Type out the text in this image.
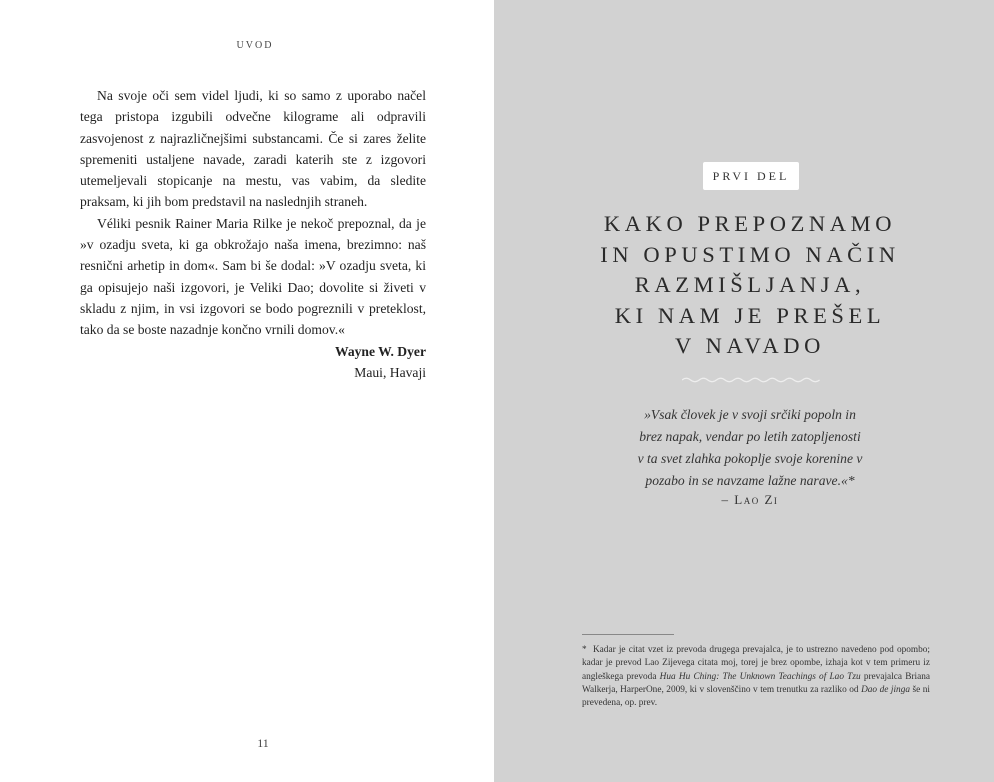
UVOD

Na svoje oči sem videl ljudi, ki so samo z uporabo načel tega pristopa izgubili odvečne kilograme ali odpravili zasvojenost z najrazličnejšimi substancami. Če si zares želite spremeniti ustaljene navade, zaradi katerih ste z izgovori utemeljevali stopicanje na mestu, vas vabim, da sledite praksam, ki jih bom predstavil na naslednjih straneh.

Véliki pesnik Rainer Maria Rilke je nekoč prepoznal, da je »v ozadju sveta, ki ga obkrožajo naša imena, brezimno: naš resnični arhetip in dom«. Sam bi še dodal: »V ozadju sveta, ki ga opisujejo naši izgovori, je Veliki Dao; dovolite si živeti v skladu z njim, in vsi izgovori se bodo pogreznili v preteklost, tako da se boste nazadnje končno vrnili domov.«

Wayne W. Dyer
Maui, Havaji
11
PRVI DEL
KAKO PREPOZNAMO
IN OPUSTIMO NAČIN
RAZMIŠLJANJA,
KI NAM JE PREŠEL
V NAVADO
»Vsak človek je v svoji srčiki popoln in
brez napak, vendar po letih zatopljenosti
v ta svet zlahka pokoplje svoje korenine v
pozabo in se navzame lažne narave.«*
– Lao Zi
* Kadar je citat vzet iz prevoda drugega prevajalca, je to ustrezno navedeno pod opombo; kadar je prevod Lao Zijevega citata moj, torej je brez opombe, izhaja kot v tem primeru iz angleškega prevoda Hua Hu Ching: The Unknown Teachings of Lao Tzu prevajalca Briana Walkerja, HarperOne, 2009, ki v slovenščino v tem trenutku za razliko od Dao de jinga še ni prevedena, op. prev.
